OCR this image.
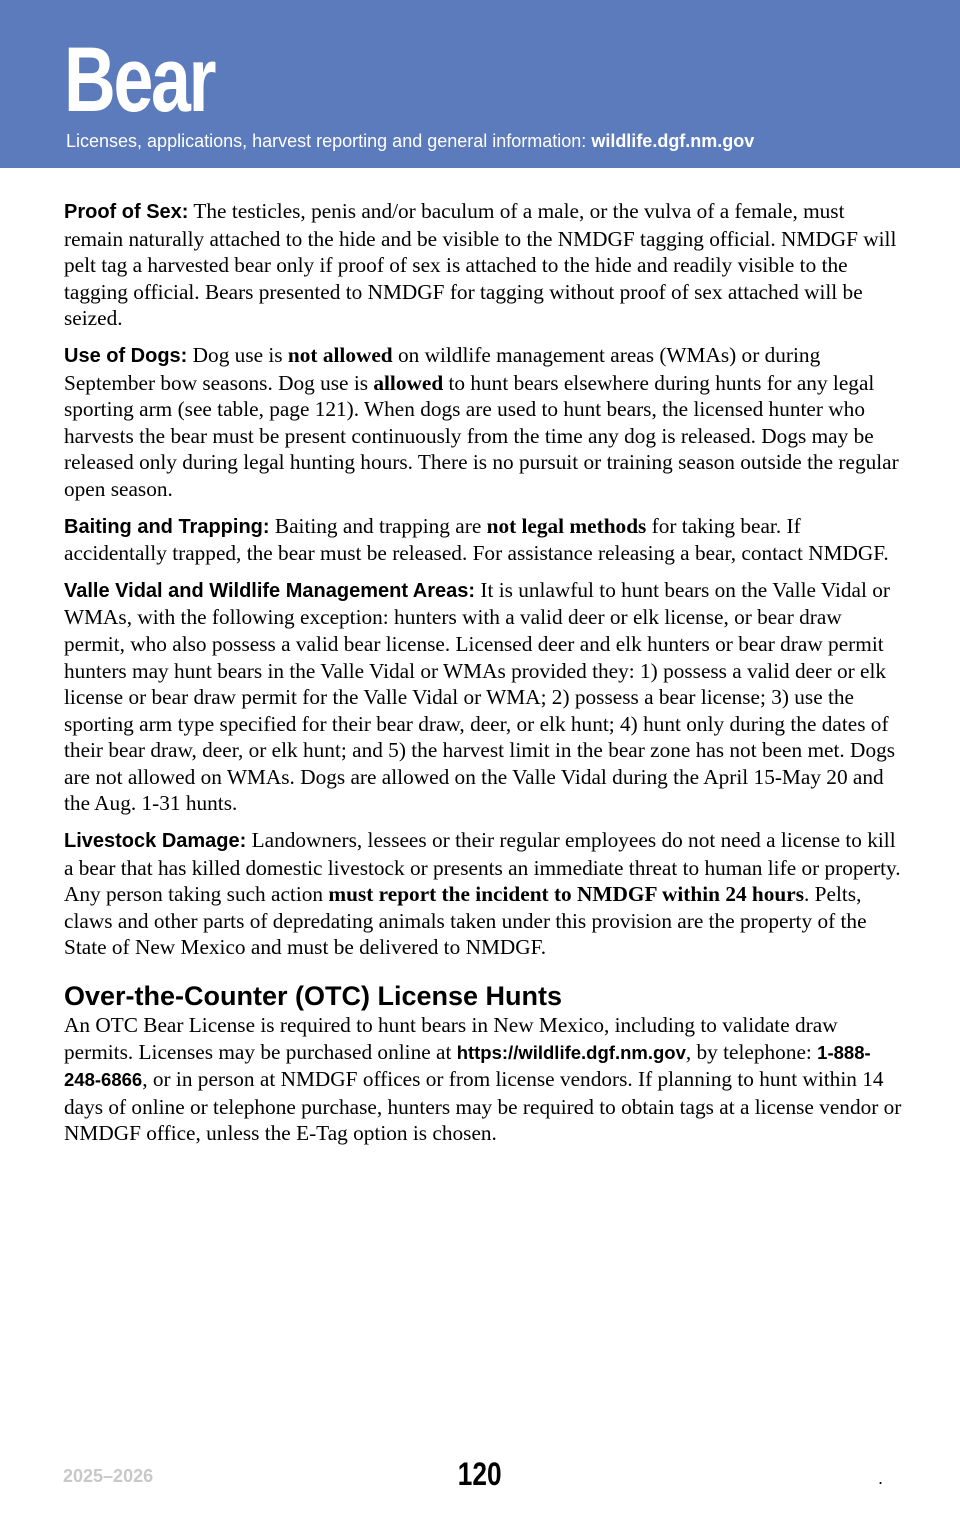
Bear
Licenses, applications, harvest reporting and general information: wildlife.dgf.nm.gov

Proof of Sex: The testicles, penis and/or baculum of a male, or the vulva of a female, must remain naturally attached to the hide and be visible to the NMDGF tagging official. NMDGF will pelt tag a harvested bear only if proof of sex is attached to the hide and readily visible to the tagging official. Bears presented to NMDGF for tagging without proof of sex attached will be seized.

Use of Dogs: Dog use is not allowed on wildlife management areas (WMAs) or during September bow seasons. Dog use is allowed to hunt bears elsewhere during hunts for any legal sporting arm (see table, page 121). When dogs are used to hunt bears, the licensed hunter who harvests the bear must be present continuously from the time any dog is released. Dogs may be released only during legal hunting hours. There is no pursuit or training season outside the regular open season.

Baiting and Trapping: Baiting and trapping are not legal methods for taking bear. If accidentally trapped, the bear must be released. For assistance releasing a bear, contact NMDGF.

Valle Vidal and Wildlife Management Areas: It is unlawful to hunt bears on the Valle Vidal or WMAs, with the following exception: hunters with a valid deer or elk license, or bear draw permit, who also possess a valid bear license. Licensed deer and elk hunters or bear draw permit hunters may hunt bears in the Valle Vidal or WMAs provided they: 1) possess a valid deer or elk license or bear draw permit for the Valle Vidal or WMA; 2) possess a bear license; 3) use the sporting arm type specified for their bear draw, deer, or elk hunt; 4) hunt only during the dates of their bear draw, deer, or elk hunt; and 5) the harvest limit in the bear zone has not been met. Dogs are not allowed on WMAs. Dogs are allowed on the Valle Vidal during the April 15-May 20 and the Aug. 1-31 hunts.

Livestock Damage: Landowners, lessees or their regular employees do not need a license to kill a bear that has killed domestic livestock or presents an immediate threat to human life or property. Any person taking such action must report the incident to NMDGF within 24 hours. Pelts, claws and other parts of depredating animals taken under this provision are the property of the State of New Mexico and must be delivered to NMDGF.

Over-the-Counter (OTC) License Hunts

An OTC Bear License is required to hunt bears in New Mexico, including to validate draw permits. Licenses may be purchased online at https://wildlife.dgf.nm.gov, by telephone: 1-888-248-6866, or in person at NMDGF offices or from license vendors. If planning to hunt within 14 days of online or telephone purchase, hunters may be required to obtain tags at a license vendor or NMDGF office, unless the E-Tag option is chosen.

2025–2026	120	.
